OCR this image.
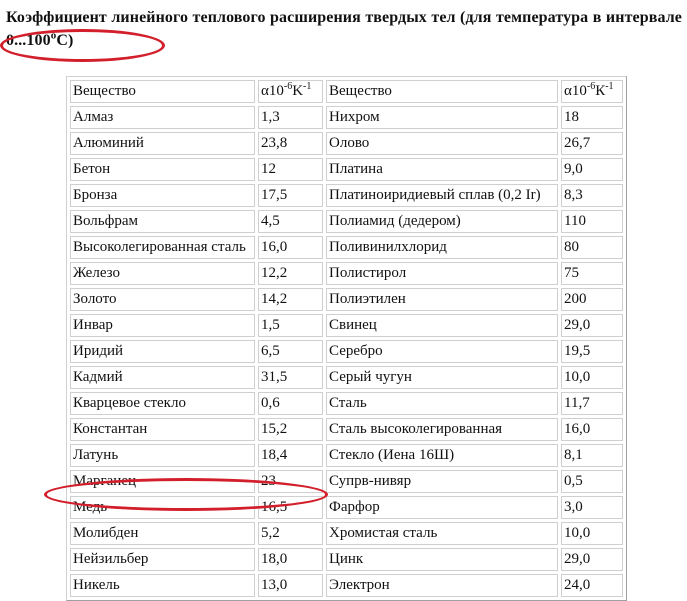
Коэффициент линейного теплового расширения твердых тел (для температура в интервале 0...100$^o$C)

Вещество	$\alpha 10^{-6}K^{-1}$	Вещество	$\alpha 10^{-6}К^{-1}$
Алмаз	1,3	Нихром	18
Алюминий	23,8	Олово	26,7
Бетон	12	Платина	9,0
Бронза	17,5	Платиноиридиевый сплав (0,2 Ir)	8,3
Вольфрам	4,5	Полиамид (дедером)	110
Высоколегированная сталь	16,0	Поливинилхлорид	80
Железо	12,2	Полистирол	75
Золото	14,2	Полиэтилен	200
Инвар	1,5	Свинец	29,0
Иридий	6,5	Серебро	19,5
Кадмий	31,5	Серый чугун	10,0
Кварцевое стекло	0,6	Сталь	11,7
Константан	15,2	Сталь высоколегированная	16,0
Латунь	18,4	Стекло (Иена 16Ш)	8,1
Марганец	23	Супрв-нивяр	0,5
Медь	16,5	Фарфор	3,0
Молибден	5,2	Хромистая сталь	10,0
Нейзильбер	18,0	Цинк	29,0
Никель	13,0	Электрон	24,0
